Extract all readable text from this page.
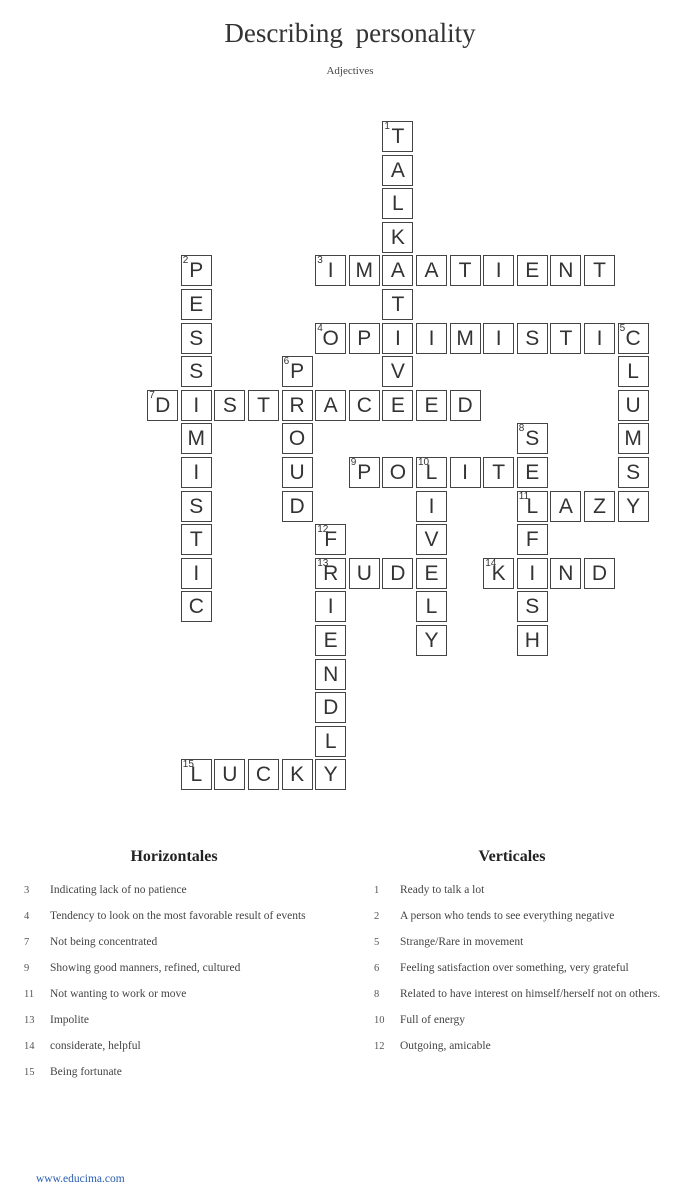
Describing personality
Adjectives
T
1
A
L
K
A
T
I
V
E
P
2
E
S
S
I
M
I
S
T
I
C
I
3 M A T I E N T
O
4 P	I M I S T I C
5
L
U
M
S
Y
P
6
R
O
U
D
D
7	S T	A C	E D
S
8
E
L
11
F
I
S
H
P
9 O L
10 I T
I
V
E
L
Y
A Z
F
12
R
13
I
E
N
D
L
Y
U D	K
14	N D
L
15 U C K
Horizontales
3	Indicating lack of no patience
4	Tendency to look on the most favorable result of events
7	Not being concentrated
9	Showing good manners, refined, cultured
11	Not wanting to work or move
13	Impolite
14	considerate, helpful
15	Being fortunate
Verticales
1	Ready to talk a lot
2	A person who tends to see everything negative
5	Strange/Rare in movement
6	Feeling satisfaction over something, very grateful
8	Related to have interest on himself/herself not on others.
10	Full of energy
12	Outgoing, amicable
www.educima.com
